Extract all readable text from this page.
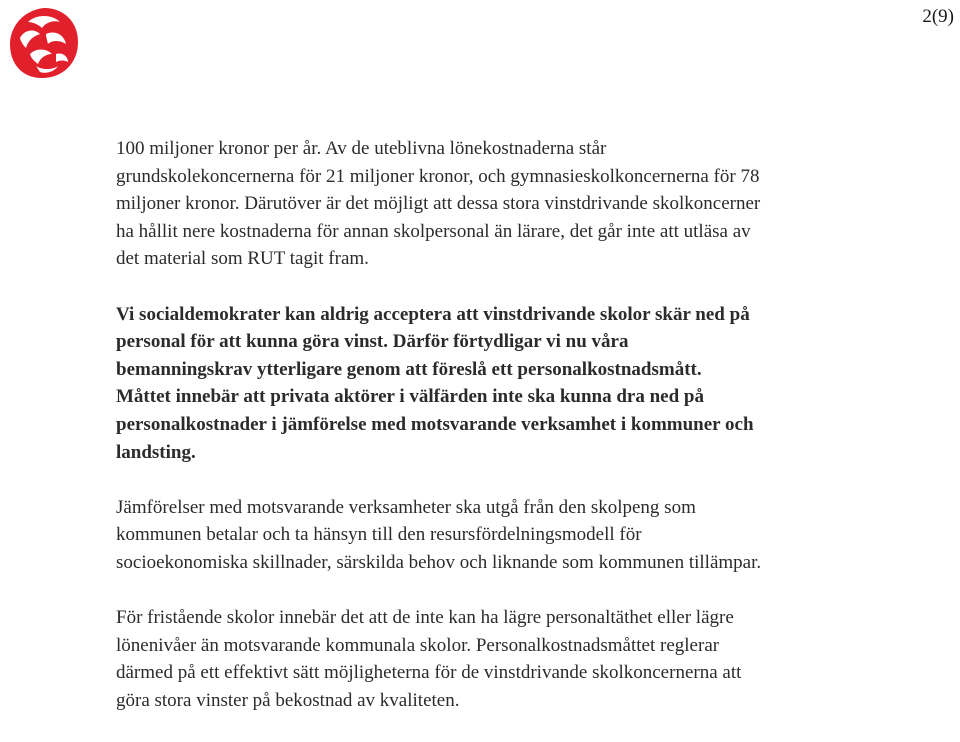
2(9)

100 miljoner kronor per år. Av de uteblivna lönekostnaderna står
grundskolekoncernerna för 21 miljoner kronor, och gymnasieskolkoncernerna för 78
miljoner kronor. Därutöver är det möjligt att dessa stora vinstdrivande skolkoncerner
ha hållit nere kostnaderna för annan skolpersonal än lärare, det går inte att utläsa av
det material som RUT tagit fram.

Vi socialdemokrater kan aldrig acceptera att vinstdrivande skolor skär ned på
personal för att kunna göra vinst. Därför förtydligar vi nu våra
bemanningskrav ytterligare genom att föreslå ett personalkostnadsmått.
Måttet innebär att privata aktörer i välfärden inte ska kunna dra ned på
personalkostnader i jämförelse med motsvarande verksamhet i kommuner och
landsting.

Jämförelser med motsvarande verksamheter ska utgå från den skolpeng som
kommunen betalar och ta hänsyn till den resursfördelningsmodell för
socioekonomiska skillnader, särskilda behov och liknande som kommunen tillämpar.

För fristående skolor innebär det att de inte kan ha lägre personaltäthet eller lägre
lönenivåer än motsvarande kommunala skolor. Personalkostnadsmåttet reglerar
därmed på ett effektivt sätt möjligheterna för de vinstdrivande skolkoncernerna att
göra stora vinster på bekostnad av kvaliteten.
